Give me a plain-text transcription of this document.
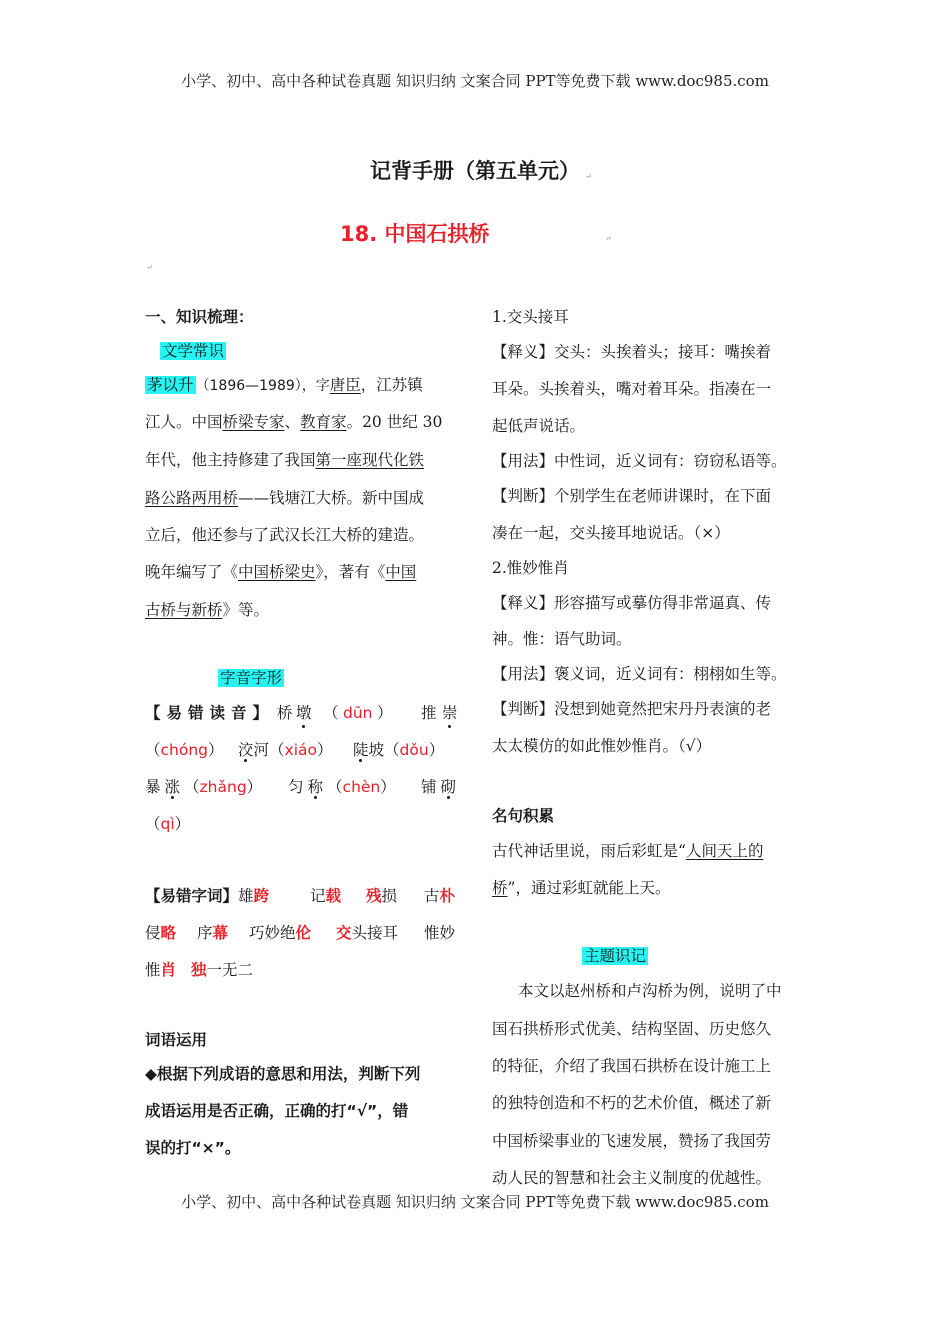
小学、初中、高中各种试卷真题 知识归纳 文案合同 PPT等免费下载 www.doc985.com
记背手册（第五单元） ↵
18. 中国石拱桥	↵
↵
一、知识梳理：
文学常识
茅以升 （1896—1989），字唐臣，江苏镇
江人。中国桥梁专家、教育家。20 世纪 30
年代，他主持修建了我国第一座现代化铁
路公路两用桥——钱塘江大桥。新中国成
立后，他还参与了武汉长江大桥的建造。
晚年编写了《中国桥梁史》，著有《中国
古桥与新桥》等。
字音字形
【易错读音】 桥 墩 （ dūn ） 推 崇
（chóng） 洨河（xiáo） 陡坡（dǒu）
暴 涨 （zhǎng） 匀 称 （chèn） 铺 砌
（qì）
【易错字词】雄跨	记载 残损 古朴
侵略 序幕 巧妙绝伦 交头接耳 惟妙
惟肖 独一无二
词语运用
◆根据下列成语的意思和用法，判断下列
成语运用是否正确，正确的打“√”，错
误的打“×”。
1.交头接耳
【释义】交头：头挨着头；接耳：嘴挨着
耳朵。头挨着头，嘴对着耳朵。指凑在一
起低声说话。
【用法】中性词，近义词有：窃窃私语等。
【判断】个别学生在老师讲课时，在下面
凑在一起，交头接耳地说话。（×）
2.惟妙惟肖
【释义】形容描写或摹仿得非常逼真、传
神。惟：语气助词。
【用法】褒义词，近义词有：栩栩如生等。
【判断】没想到她竟然把宋丹丹表演的老
太太模仿的如此惟妙惟肖。（√）
名句积累
古代神话里说，雨后彩虹是“人间天上的
桥”，通过彩虹就能上天。
主题识记
本文以赵州桥和卢沟桥为例，说明了中
国石拱桥形式优美、结构坚固、历史悠久
的特征，介绍了我国石拱桥在设计施工上
的独特创造和不朽的艺术价值，概述了新
中国桥梁事业的飞速发展，赞扬了我国劳
动人民的智慧和社会主义制度的优越性。
小学、初中、高中各种试卷真题 知识归纳 文案合同 PPT等免费下载 www.doc985.com
